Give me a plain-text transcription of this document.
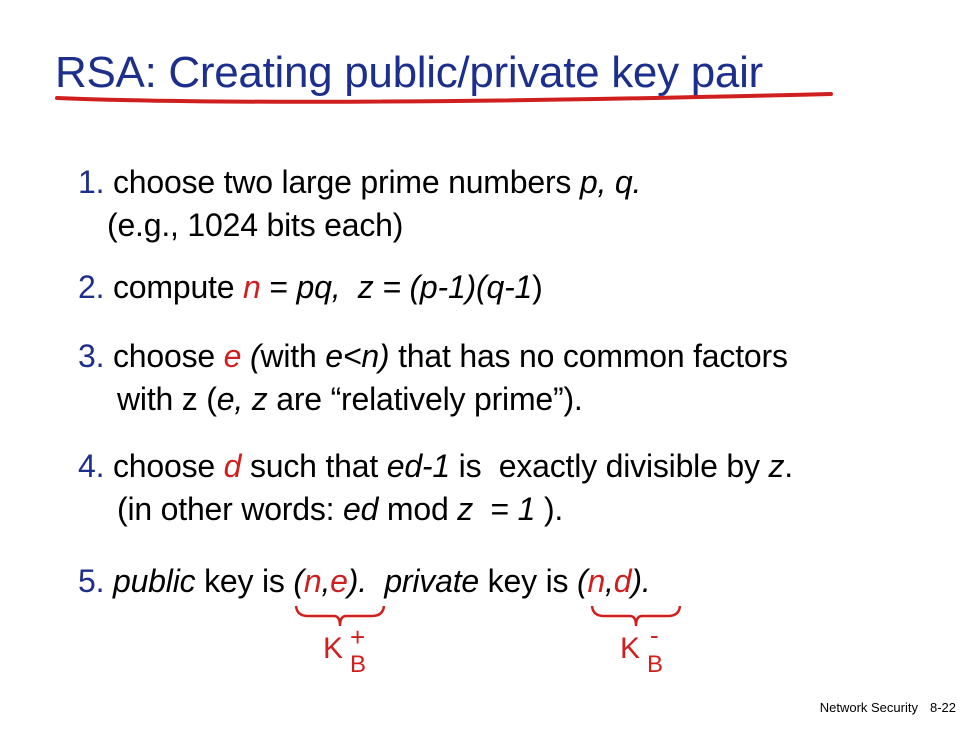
RSA: Creating public/private key pair
1. choose two large prime numbers p, q.
(e.g., 1024 bits each)
2. compute n = pq, z = (p-1)(q-1)
3. choose e (with e<n) that has no common factors
with z (e, z are “relatively prime”).
4. choose d such that ed-1 is  exactly divisible by z.
(in other words: ed mod z  = 1 ).
5. public key is (n,e). private key is (n,d).
K +
B	K -
B
Network Security 8-22
